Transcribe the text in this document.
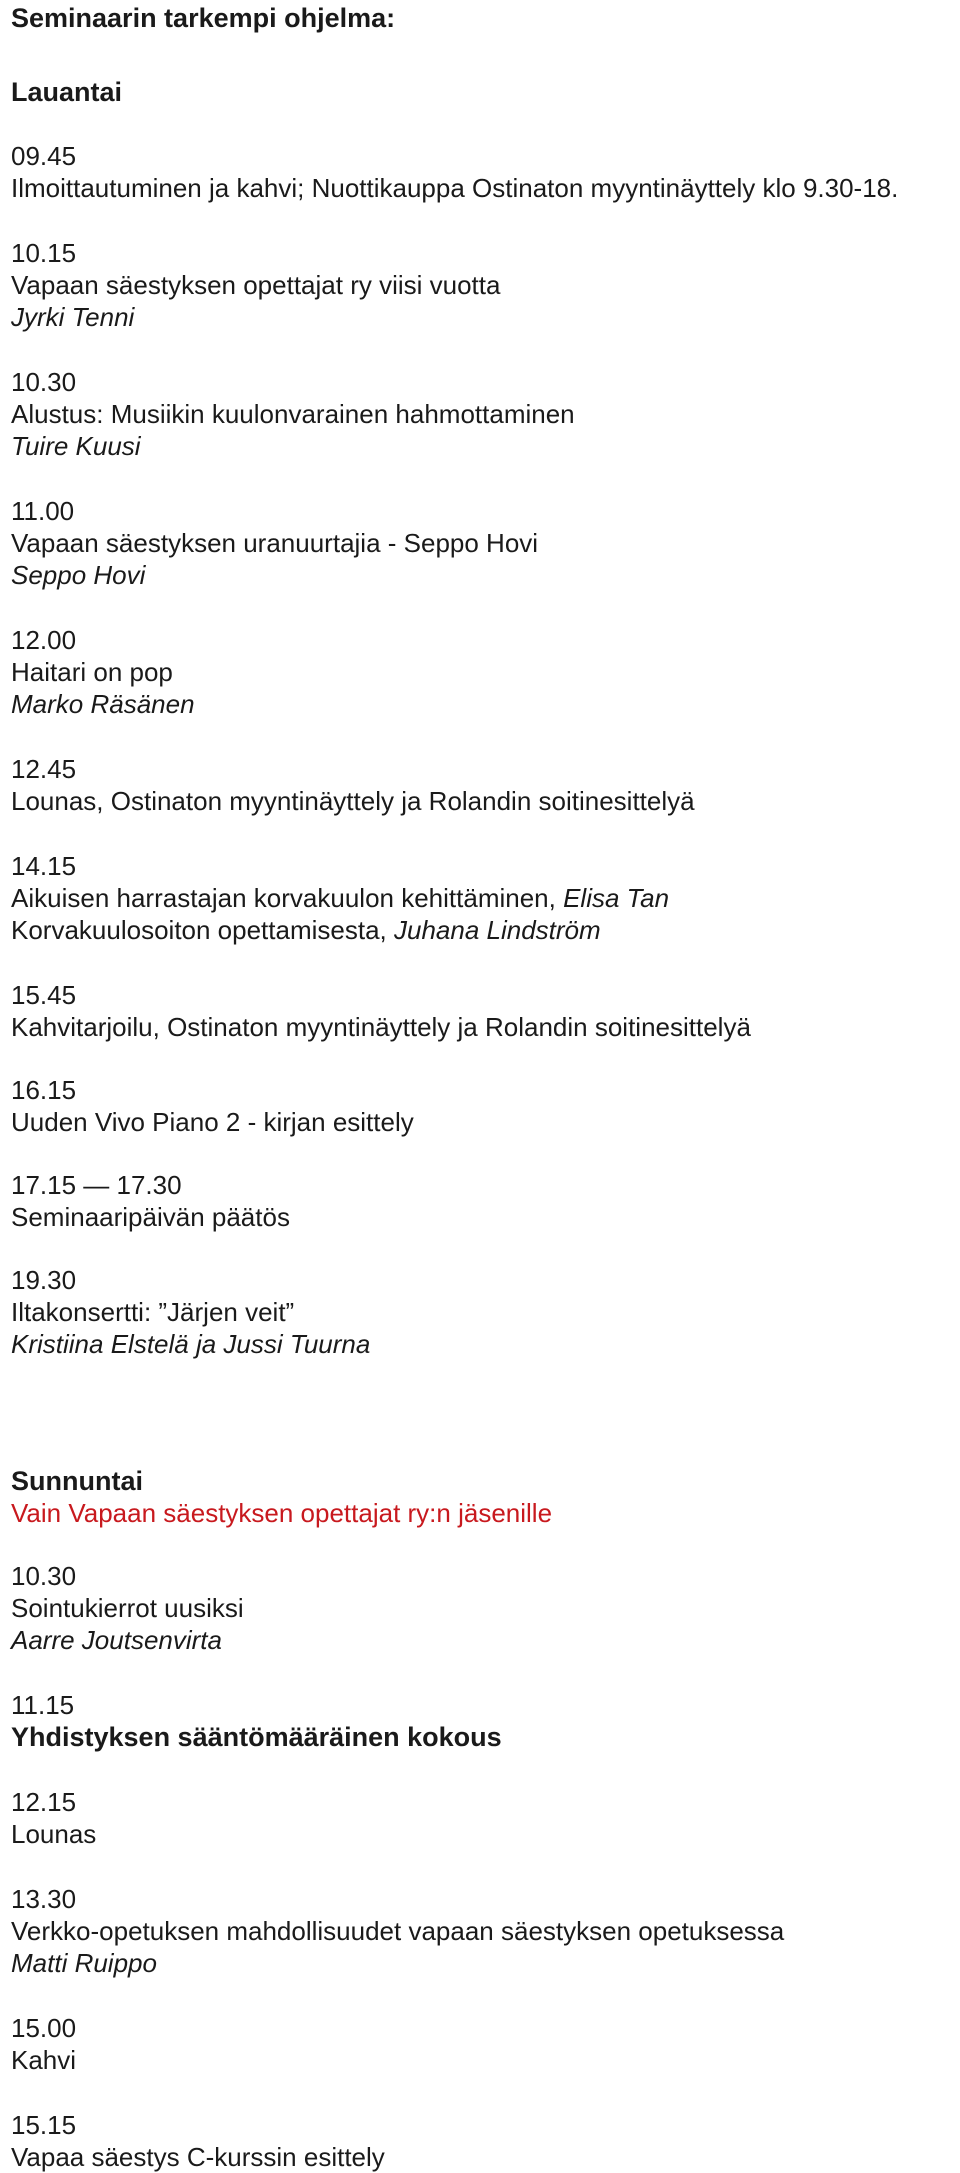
Seminaarin tarkempi ohjelma:
Lauantai
09.45
Ilmoittautuminen ja kahvi; Nuottikauppa Ostinaton myyntinäyttely klo 9.30-18.
10.15
Vapaan säestyksen opettajat ry viisi vuotta
Jyrki Tenni
10.30
Alustus: Musiikin kuulonvarainen hahmottaminen
Tuire Kuusi
11.00
Vapaan säestyksen uranuurtajia - Seppo Hovi
Seppo Hovi
12.00
Haitari on pop
Marko Räsänen
12.45
Lounas, Ostinaton myyntinäyttely ja Rolandin soitinesittelyä
14.15
Aikuisen harrastajan korvakuulon kehittäminen, Elisa Tan
Korvakuulosoiton opettamisesta, Juhana Lindström
15.45
Kahvitarjoilu, Ostinaton myyntinäyttely ja Rolandin soitinesittelyä
16.15
Uuden Vivo Piano 2 - kirjan esittely
17.15 — 17.30
Seminaaripäivän päätös
19.30
Iltakonsertti: ”Järjen veit”
Kristiina Elstelä ja Jussi Tuurna
Sunnuntai
Vain Vapaan säestyksen opettajat ry:n jäsenille
10.30
Sointukierrot uusiksi
Aarre Joutsenvirta
11.15
Yhdistyksen sääntömääräinen kokous
12.15
Lounas
13.30
Verkko-opetuksen mahdollisuudet vapaan säestyksen opetuksessa
Matti Ruippo
15.00
Kahvi
15.15
Vapaa säestys C-kurssin esittely
